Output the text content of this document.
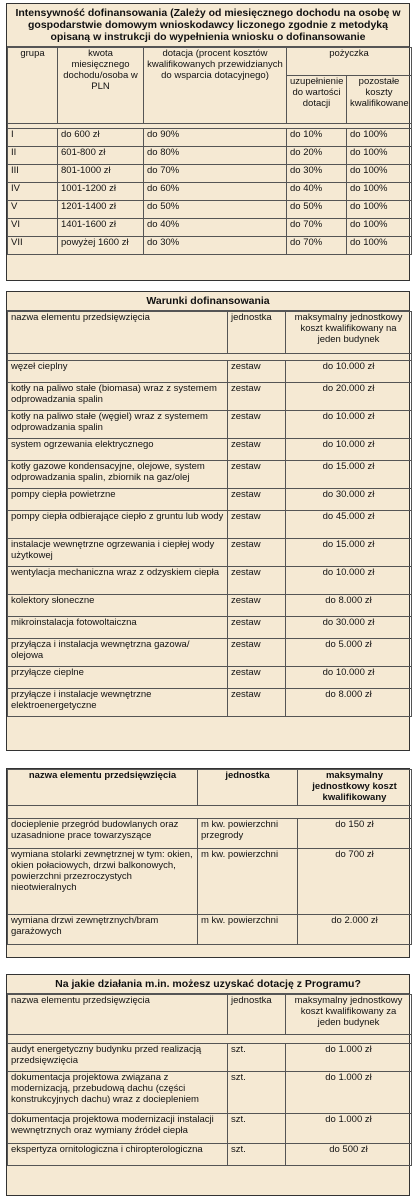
Intensywność dofinansowania (Zależy od miesięcznego dochodu na osobę w gospodarstwie domowym wnioskodawcy liczonego zgodnie z metodyką opisaną w instrukcji do wypełnienia wniosku o dofinansowanie
grupa	kwota miesięcznego dochodu/osoba w PLN	dotacja (procent kosztów kwalifikowanych przewidzianych do wsparcia dotacyjnego)	pożyczka	
			uzupełnienie do wartości dotacji	pozostałe koszty kwalifikowane

I	do 600 zł	do 90%	do 10%	do 100%
II	601-800 zł	do 80%	do 20%	do 100%
III	801-1000 zł	do 70%	do 30%	do 100%
IV	1001-1200 zł	do 60%	do 40%	do 100%
V	1201-1400 zł	do 50%	do 50%	do 100%
VI	1401-1600 zł	do 40%	do 70%	do 100%
VII	powyżej 1600 zł	do 30%	do 70%	do 100%
Warunki dofinansowania
nazwa elementu przedsięwzięcia	jednostka	maksymalny jednostkowy koszt kwalifikowany na jeden budynek

węzeł cieplny	zestaw	do 10.000 zł
kotły na paliwo stałe (biomasa) wraz z systemem odprowadzania spalin	zestaw	do 20.000 zł
kotły na paliwo stałe (węgiel) wraz z systemem odprowadzania spalin	zestaw	do 10.000 zł
system ogrzewania elektrycznego	zestaw	do 10.000 zł
kotły gazowe kondensacyjne, olejowe, system odprowadzania spalin, zbiornik na gaz/olej	zestaw	do 15.000 zł
pompy ciepła powietrzne	zestaw	do 30.000 zł
pompy ciepła odbierające ciepło z gruntu lub wody	zestaw	do 45.000 zł
instalacje wewnętrzne ogrzewania i ciepłej wody użytkowej	zestaw	do 15.000 zł
wentylacja mechaniczna wraz z odzyskiem ciepła	zestaw	do 10.000 zł
kolektory słoneczne	zestaw	do 8.000 zł
mikroinstalacja fotowoltaiczna	zestaw	do 30.000 zł
przyłącza i instalacja wewnętrzna gazowa/ olejowa	zestaw	do 5.000 zł
przyłącze cieplne	zestaw	do 10.000 zł
przyłącze i instalacje wewnętrzne elektroenergetyczne	zestaw	do 8.000 zł
nazwa elementu przedsięwzięcia	jednostka	maksymalny jednostkowy koszt kwalifikowany

docieplenie przegród budowlanych oraz uzasadnione prace towarzyszące	m kw. powierzchni przegrody	do 150 zł
wymiana stolarki zewnętrznej w tym: okien, okien połaciowych, drzwi balkonowych, powierzchni przezroczystych nieotwieralnych	m kw. powierzchni	do 700 zł
wymiana drzwi zewnętrznych/bram garażowych	m kw. powierzchni	do 2.000 zł
Na jakie działania m.in. możesz uzyskać dotację z Programu?
nazwa elementu przedsięwzięcia	jednostka	maksymalny jednostkowy koszt kwalifikowany za jeden budynek

audyt energetyczny budynku przed realizacją przedsięwzięcia	szt.	do 1.000 zł
dokumentacja projektowa związana z modernizacją, przebudową dachu (części konstrukcyjnych dachu) wraz z dociepleniem	szt.	do 1.000 zł
dokumentacja projektowa modernizacji instalacji wewnętrznych oraz wymiany źródeł ciepła	szt.	do 1.000 zł
ekspertyza ornitologiczna i chiropterologiczna	szt.	do 500 zł
